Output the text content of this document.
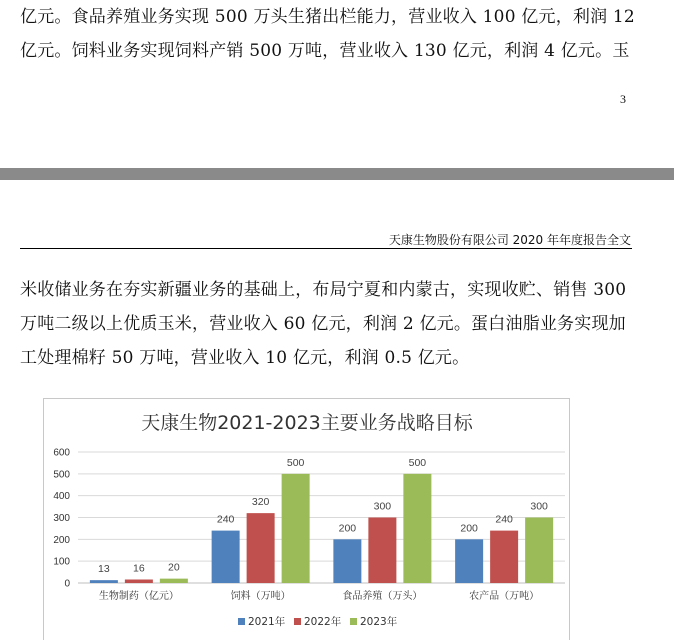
亿元。食品养殖业务实现 500 万头生猪出栏能力，营业收入 100 亿元，利润 12 亿元。饲料业务实现饲料产销 500 万吨，营业收入 130 亿元，利润 4 亿元。玉
3
天康生物股份有限公司 2020 年年度报告全文
米收储业务在夯实新疆业务的基础上，布局宁夏和内蒙古，实现收贮、销售 300 万吨二级以上优质玉米，营业收入 60 亿元，利润 2 亿元。蛋白油脂业务实现加工处理棉籽 50 万吨，营业收入 10 亿元，利润 0.5 亿元。
天康生物2021-2023主要业务战略目标
0
100
200
300
400
500
600
13 16 20
生物制药（亿元）
240
320
500
饲料（万吨）
200
300
500
食品养殖（万头）
200
240
300
农产品（万吨）
2021年 2022年 2023年
